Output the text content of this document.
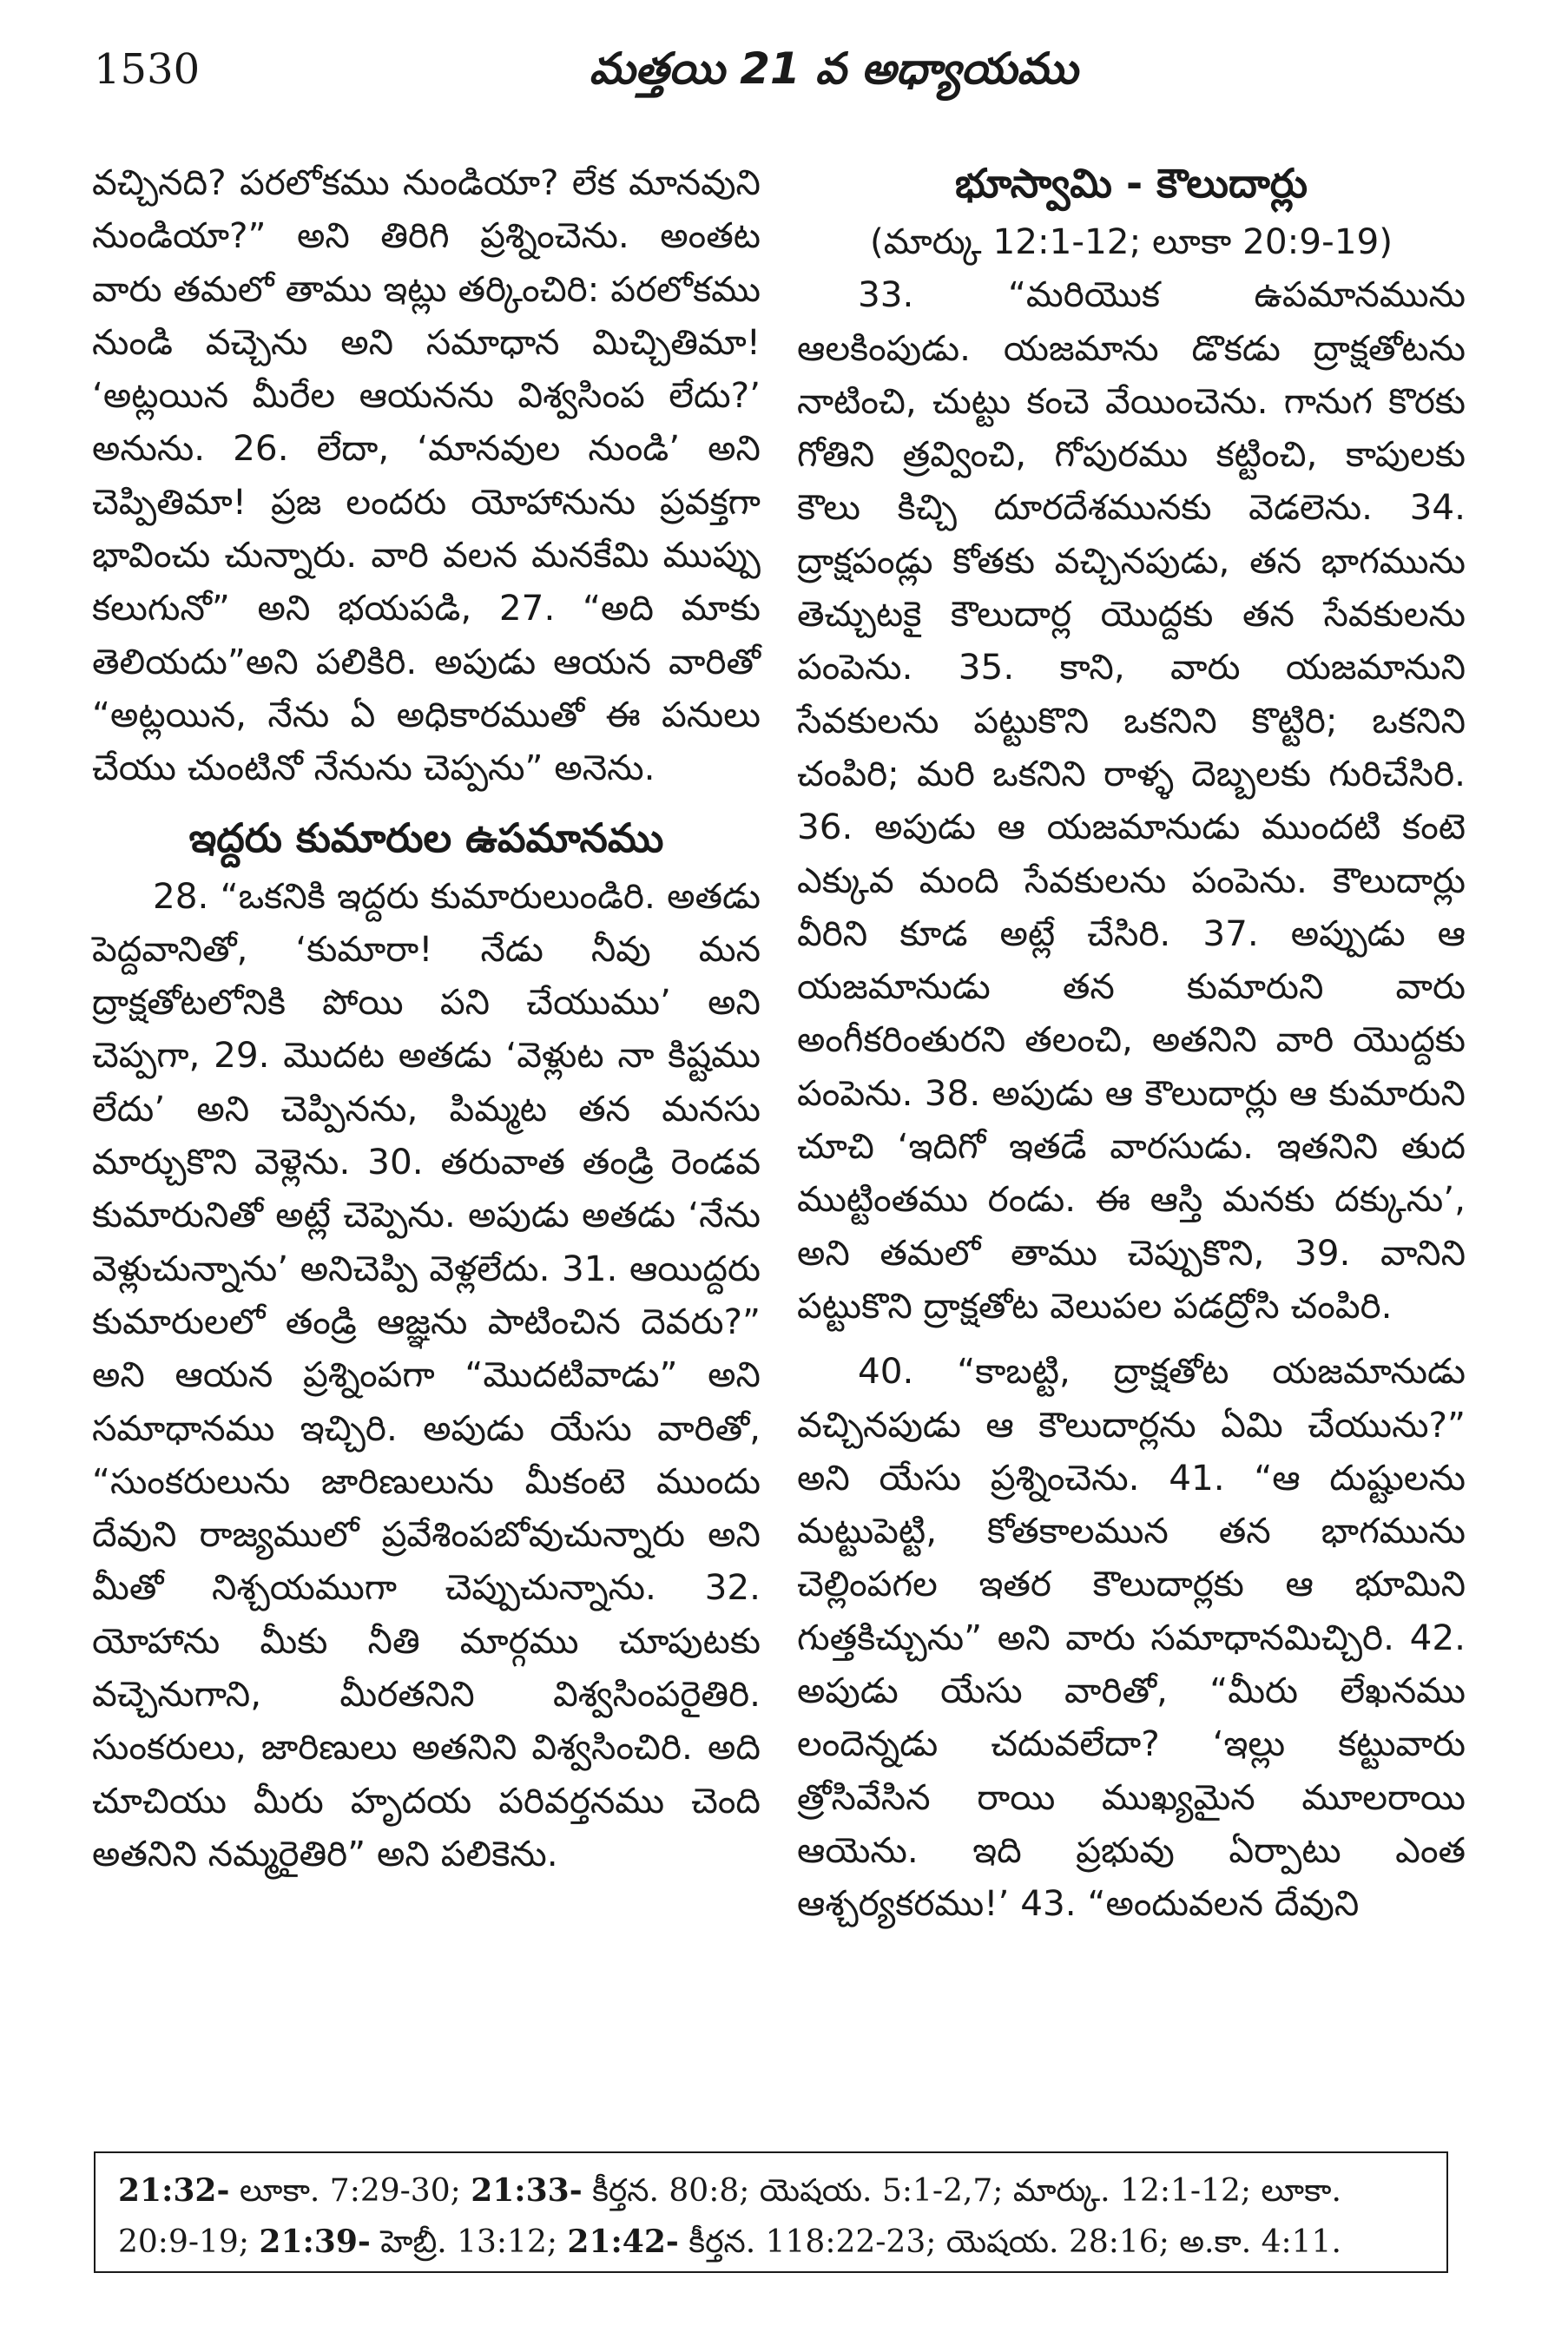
1530	మత్తయి 21 వ అధ్యాయము

వచ్చినది? పరలోకము నుండియా? లేక మానవుని నుండియా?” అని తిరిగి ప్రశ్నించెను. అంతట వారు తమలో తాము ఇట్లు తర్కించిరి: పరలోకము నుండి వచ్చెను అని సమాధాన మిచ్చితిమా! ‘అట్లయిన మీరేల ఆయనను విశ్వసింప లేదు?’ అనును. 26. లేదా, ‘మానవుల నుండి’ అని చెప్పితిమా! ప్రజ లందరు యోహానును ప్రవక్తగా భావించు చున్నారు. వారి వలన మనకేమి ముప్పు కలుగునో” అని భయపడి, 27. “అది మాకు తెలియదు”అని పలికిరి. అపుడు ఆయన వారితో “అట్లయిన, నేను ఏ అధికారముతో ఈ పనులు చేయు చుంటినో నేనును చెప్పను” అనెను.

ఇద్దరు కుమారుల ఉపమానము

28. “ఒకనికి ఇద్దరు కుమారులుండిరి. అతడు పెద్దవానితో, ‘కుమారా! నేడు నీవు మన ద్రాక్షతోటలోనికి పోయి పని చేయుము’ అని చెప్పగా, 29. మొదట అతడు ‘వెళ్లుట నా కిష్టము లేదు’ అని చెప్పినను, పిమ్మట తన మనసు మార్చుకొని వెళ్లెను. 30. తరువాత తండ్రి రెండవ కుమారునితో అట్లే చెప్పెను. అపుడు అతడు ‘నేను వెళ్లుచున్నాను’ అనిచెప్పి వెళ్లలేదు. 31. ఆయిద్దరు కుమారులలో తండ్రి ఆజ్ఞను పాటించిన దెవరు?” అని ఆయన ప్రశ్నింపగా “మొదటివాడు” అని సమాధానము ఇచ్చిరి. అపుడు యేసు వారితో, “సుంకరులును జారిణులును మీకంటె ముందు దేవుని రాజ్యములో ప్రవేశింపబోవుచున్నారు అని మీతో నిశ్చయముగా చెప్పుచున్నాను. 32. యోహాను మీకు నీతి మార్గము చూపుటకు వచ్చెనుగాని, మీరతనిని విశ్వసింపరైతిరి. సుంకరులు, జారిణులు అతనిని విశ్వసించిరి. అది చూచియు మీరు హృదయ పరివర్తనము చెంది అతనిని నమ్మరైతిరి” అని పలికెను.

భూస్వామి - కౌలుదార్లు

(మార్కు 12:1-12; లూకా 20:9-19)

33. “మరియొక ఉపమానమును ఆలకింపుడు. యజమాను డొకడు ద్రాక్షతోటను నాటించి, చుట్టు కంచె వేయించెను. గానుగ కొరకు గోతిని త్రవ్వించి, గోపురము కట్టించి, కాపులకు కౌలు కిచ్చి దూరదేశమునకు వెడలెను. 34. ద్రాక్షపండ్లు కోతకు వచ్చినపుడు, తన భాగమును తెచ్చుటకై కౌలుదార్ల యొద్దకు తన సేవకులను పంపెను. 35. కాని, వారు యజమానుని సేవకులను పట్టుకొని ఒకనిని కొట్టిరి; ఒకనిని చంపిరి; మరి ఒకనిని రాళ్ళ దెబ్బలకు గురిచేసిరి. 36. అపుడు ఆ యజమానుడు ముందటి కంటె ఎక్కువ మంది సేవకులను పంపెను. కౌలుదార్లు వీరిని కూడ అట్లే చేసిరి. 37. అప్పుడు ఆ యజమానుడు తన కుమారుని వారు అంగీకరింతురని తలంచి, అతనిని వారి యొద్దకు పంపెను. 38. అపుడు ఆ కౌలుదార్లు ఆ కుమారుని చూచి ‘ఇదిగో ఇతడే వారసుడు. ఇతనిని తుద ముట్టింతము రండు. ఈ ఆస్తి మనకు దక్కును’, అని తమలో తాము చెప్పుకొని, 39. వానిని పట్టుకొని ద్రాక్షతోట వెలుపల పడద్రోసి చంపిరి.

40. “కాబట్టి, ద్రాక్షతోట యజమానుడు వచ్చినపుడు ఆ కౌలుదార్లను ఏమి చేయును?” అని యేసు ప్రశ్నించెను. 41. “ఆ దుష్టులను మట్టుపెట్టి, కోతకాలమున తన భాగమును చెల్లింపగల ఇతర కౌలుదార్లకు ఆ భూమిని గుత్తకిచ్చును” అని వారు సమాధానమిచ్చిరి. 42. అపుడు యేసు వారితో, “మీరు లేఖనము లందెన్నడు చదువలేదా? ‘ఇల్లు కట్టువారు త్రోసివేసిన రాయి ముఖ్యమైన మూలరాయి ఆయెను. ఇది ప్రభువు ఏర్పాటు ఎంత ఆశ్చర్యకరము!’ 43. “అందువలన దేవుని

21:32- లూకా. 7:29-30; 21:33- కీర్తన. 80:8; యెషయ. 5:1-2,7; మార్కు. 12:1-12; లూకా. 20:9-19; 21:39- హెబ్రీ. 13:12; 21:42- కీర్తన. 118:22-23; యెషయ. 28:16; అ.కా. 4:11.
